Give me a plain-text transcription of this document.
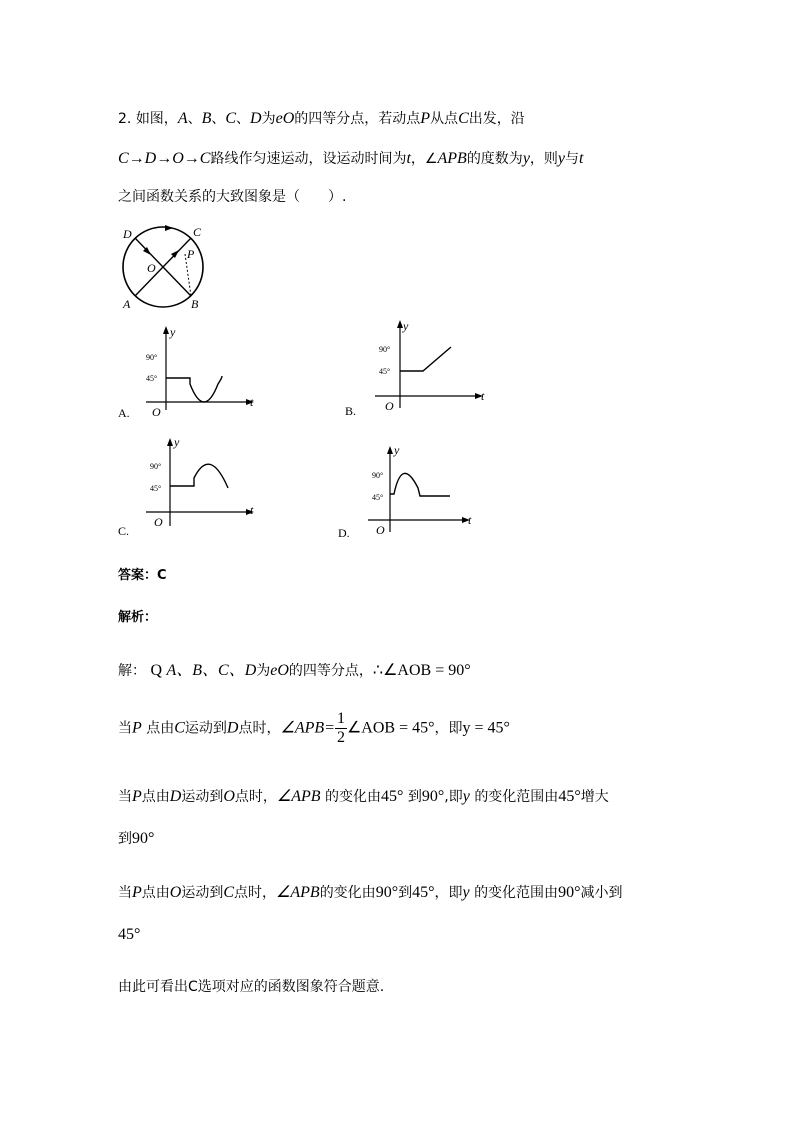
2. 如图，A、B、C、D为eO的四等分点，若动点P从点C出发，沿
C→D→O→C路线作匀速运动，设运动时间为t，∠APB的度数为y，则y与t
之间函数关系的大致图象是（　　）.
D	C
O
P
A	B
A.
y
t
O
90°
45°
B.
y
t
O
90°
45°
C.
y
t
O
90°
45°
D.
y
t
O
90°
45°
答案：C
解析：
解： Q A、B、C、D为eO的四等分点，∴∠AOB = 90°
当P 点由C运动到D点时，∠APB= $\frac{1}{2}$ ∠AOB = 45°，即y = 45°
当P点由D运动到O点时，∠APB 的变化由45° 到90°,即y 的变化范围由45°增大
到90°
当P点由O运动到C点时，∠APB的变化由90°到45°，即y 的变化范围由90°减小到
45°
由此可看出C选项对应的函数图象符合题意.
